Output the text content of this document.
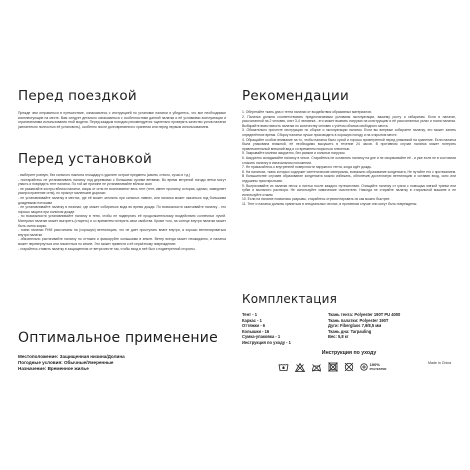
Перед поездкой

Прежде чем отправиться в путешествие, ознакомьтесь с инструкцией по установке палатки и убедитесь, что все необходимые комплектующие на месте. Вам следует детально ознакомиться с особенностями данной палатки и её условиями эксплуатации и ограничениями использования этой модели. Перед каждым походом рекомендуется тщательно проверять качество узлов палатки (желательно полностью её установить), особенно после долговременного хранения или перед первым использованием.

Перед установкой

- выберите ровную, без сильного наклона площадку и удалите острые предметы (камни, стекло, сучки и т.д.)

- постарайтесь не устанавливать палатку под деревьями с большими сухими ветвями. Во время ветреной погоды ветки могут упасть и повредить тент палатки. По той же причине не устанавливайте вблизи скал

- не разжигайте костры вблизи палатки, искры от огня не воспламенят весь тент (тент, имеет пропитку, которая, однако, замедляет распространение огня), но прожгут маленькие дырочки

- не устанавливайте палатку в местах, где её может затопить при сильных ливнях, или палатка может оказаться под большими дождевыми потоками

- не устанавливайте палатку в низинах, где может собираться вода во время дождя. По возможности оканчивайте палатку - это хорошо защита при сильном дожде.

- по возможности устанавливайте палатку в тени, чтобы не подвергать её продолжительному воздействию солнечных лучей. Материал палатки может выгореть (стареть) и со временем потерять свои свойства. Кроме того, на солнце внутри палатки может быть очень жарко.

- ткани палатки FHM рассчитаны на (хорошую) вентиляцию, что не дает проступать влаге внутри, а хорошо вентилироваться внутри палатки

- обязательно растягивайте палатку по оттяжек и фиксируйте кольшками в земле. Ветер всегда может неожиданно, и палатка может перевернуться или покатиться по земле. Это может привести к её серьёзному повреждению

- старайтесь ставить палатку в защищенном от ветра месте так, чтобы вход в неё был с подветренной стороны.

Оптимальное применение
Местоположение: Защищенная низина/Долина
Погодные условия: Обычные/Умеренные
Назначение: Временное жилье
Рекомендации

1. Оберегайте ткань дна и тента палатки от воздействия образивных материалов.

2. Палатка должна соответствовать предполагаемым условиям эксплуатации, вашему росту и габаритам. Если в палатке, рассчитанной на 2 человек, спят 3-4 человека - это может вызвать нагрузки на конструкцию и её рассчитанных узлах и ткани палатки. Выбирайте вместимость палатки по количеству человек с учётом объема свободного места.

3. Обязательно прочтите инструкцию по сборке и эксплуатации палатки. Если вы впервые собираете палатку, это может занять определённое время. Сборку палатки лучше производить в хорошую погоду и на открытом месте.

4. Обращайте особое внимание на то, чтобы палатка было сухой и хорошо проветренной перед упаковкой на хранение. Если палатка была упакована влажной, её необходимо высушить в течение 24 часов. В противном случае палатка может потерять привлекательный внешний вид и со временем покрыться плесенью.

5. Закрывайте молнии аккуратно, без рывков и сильных нагрузок.

6. Аккуратно складывайте палатку в чехол. Старайтесь не оставлять палатку на дне и не сворачивайте её - и уже если не в состоянии сложить палатку в изначальном положении.

7. Не прикасайтесь к внутренней поверхности наружного тента, когда идёт дождь.

8. На палатках, ткань которых содержит синтетические материалы, возможно образование конденсата. Не путайте его с протеканием. В большинстве случаев образование конденсата можно избежать, обеспечив достаточную вентиляцию и оставив вход, окно или отдушины приоткрытыми.

9. Вытряхивайте из палатки песок и листья после каждого путешествия. Очищайте палатку от грязи с помощью мягкой тряпки или губки и мыльного раствора. Не используйте химические очистители. Никогда не стирайте палатку в стиральной машине и не используйте отжим.

10. Если на палатке появились разрывы, старайтесь отремонтировать их как можно быстрее.

11. Тент и палатки должны храниться в специальных чехлах, в противном случае они могут быть повреждены.

Комплектация
Тент - 1
Каркас - 1
Оттяжки - 6
Колышки - 16
Сумка-упаковка - 1
Инструкция по уходу - 1
Ткань тента: Polyester 190T PU 4000
Ткань палатки: Polyester 190T
Дуги: Fiberglass 7,9/8,5 мм
Ткань дна: Tarpauling
Вес: 5,8 кг
Инструкция по уходу
100%
POLYESTER
Made in China
